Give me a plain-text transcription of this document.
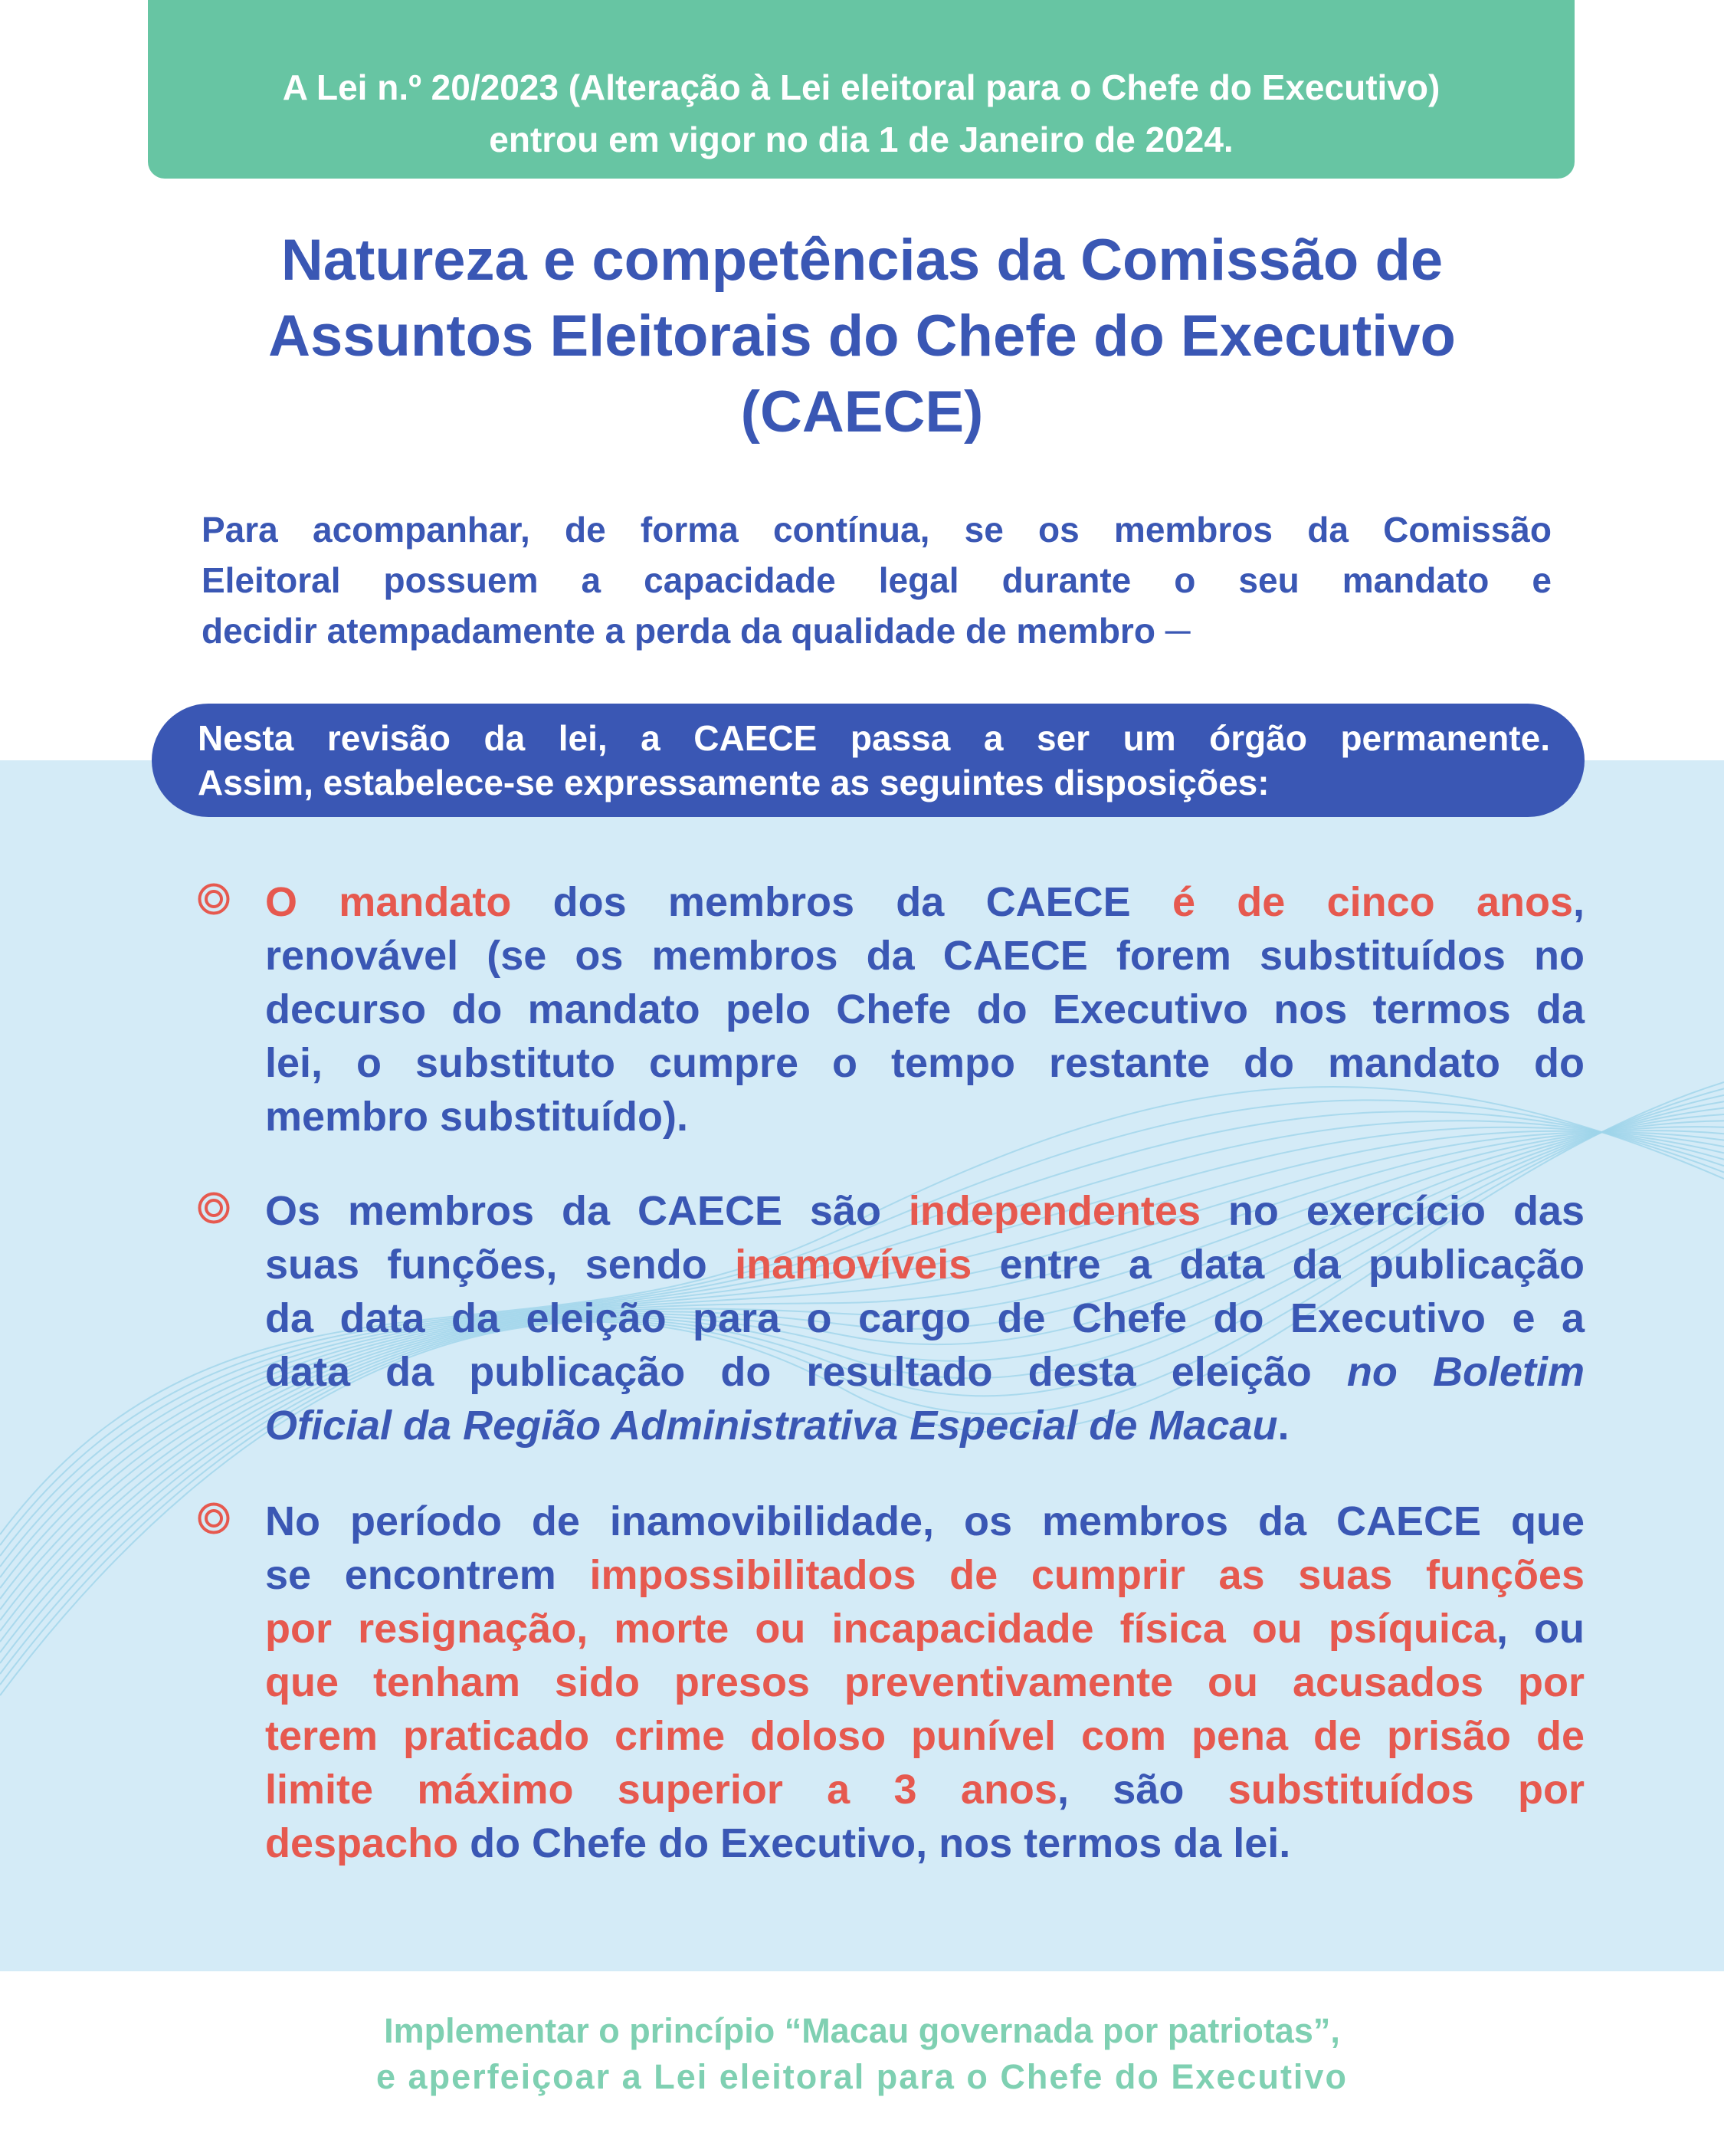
A Lei n.º 20/2023 (Alteração à Lei eleitoral para o Chefe do Executivo)
entrou em vigor no dia 1 de Janeiro de 2024.
Natureza e competências da Comissão de
Assuntos Eleitorais do Chefe do Executivo
(CAECE)
Para acompanhar, de forma contínua, se os membros da Comissão
Eleitoral possuem a capacidade legal durante o seu mandato e
decidir atempadamente a perda da qualidade de membro ─
Nesta revisão da lei, a CAECE passa a ser um órgão permanente.
Assim, estabelece-se expressamente as seguintes disposições:
O mandato dos membros da CAECE é de cinco anos,
renovável (se os membros da CAECE forem substituídos no
decurso do mandato pelo Chefe do Executivo nos termos da
lei, o substituto cumpre o tempo restante do mandato do
membro substituído).
Os membros da CAECE são independentes no exercício das
suas funções, sendo inamovíveis entre a data da publicação
da data da eleição para o cargo de Chefe do Executivo e a
data da publicação do resultado desta eleição no Boletim
Oficial da Região Administrativa Especial de Macau.
No período de inamovibilidade, os membros da CAECE que
se encontrem impossibilitados de cumprir as suas funções
por resignação, morte ou incapacidade física ou psíquica, ou
que tenham sido presos preventivamente ou acusados por
terem praticado crime doloso punível com pena de prisão de
limite máximo superior a 3 anos, são substituídos por
despacho do Chefe do Executivo, nos termos da lei.
Implementar o princípio “Macau governada por patriotas”,
e aperfeiçoar a Lei eleitoral para o Chefe do Executivo
